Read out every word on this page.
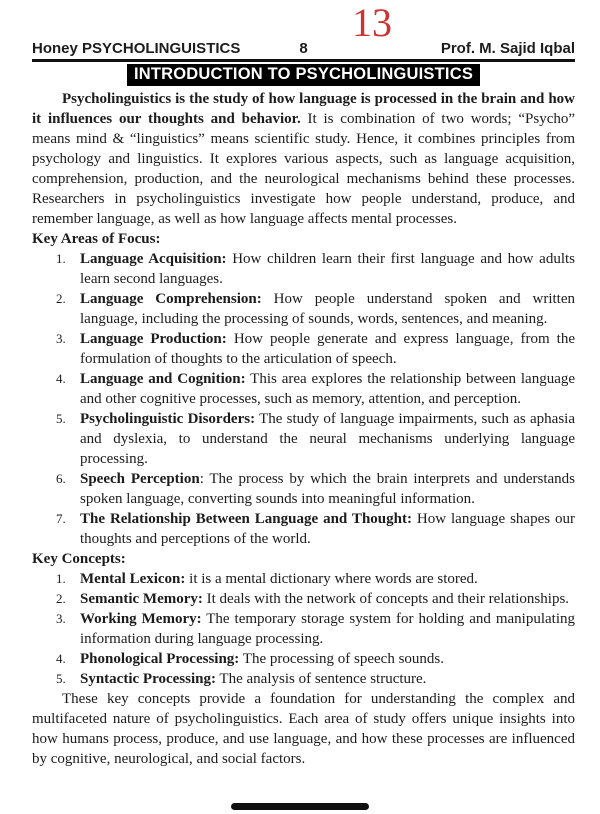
13
Honey PSYCHOLINGUISTICS	8	Prof. M. Sajid Iqbal
INTRODUCTION TO PSYCHOLINGUISTICS

Psycholinguistics is the study of how language is processed in the brain and how it influences our thoughts and behavior. It is combination of two words; “Psycho” means mind & “linguistics” means scientific study. Hence, it combines principles from psychology and linguistics. It explores various aspects, such as language acquisition, comprehension, production, and the neurological mechanisms behind these processes. Researchers in psycholinguistics investigate how people understand, produce, and remember language, as well as how language affects mental processes.

Key Areas of Focus:
1. Language Acquisition: How children learn their first language and how adults learn second languages.
2. Language Comprehension: How people understand spoken and written language, including the processing of sounds, words, sentences, and meaning.
3. Language Production: How people generate and express language, from the formulation of thoughts to the articulation of speech.
4. Language and Cognition: This area explores the relationship between language and other cognitive processes, such as memory, attention, and perception.
5. Psycholinguistic Disorders: The study of language impairments, such as aphasia and dyslexia, to understand the neural mechanisms underlying language processing.
6. Speech Perception: The process by which the brain interprets and understands spoken language, converting sounds into meaningful information.
7. The Relationship Between Language and Thought: How language shapes our thoughts and perceptions of the world.
Key Concepts:
1. Mental Lexicon: it is a mental dictionary where words are stored.
2. Semantic Memory: It deals with the network of concepts and their relationships.
3. Working Memory: The temporary storage system for holding and manipulating information during language processing.
4. Phonological Processing: The processing of speech sounds.
5. Syntactic Processing: The analysis of sentence structure.

These key concepts provide a foundation for understanding the complex and multifaceted nature of psycholinguistics. Each area of study offers unique insights into how humans process, produce, and use language, and how these processes are influenced by cognitive, neurological, and social factors.
